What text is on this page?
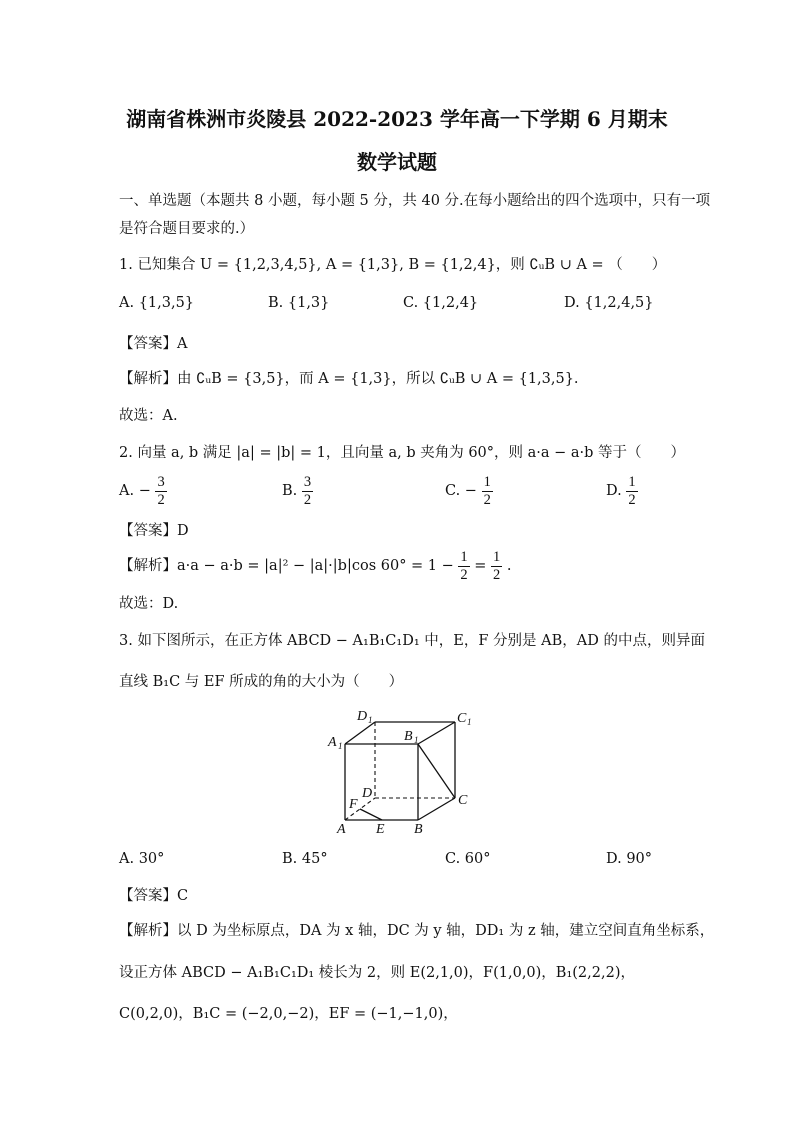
湖南省株洲市炎陵县 2022-2023 学年高一下学期 6 月期末
数学试题
一、单选题（本题共 8 小题，每小题 5 分，共 40 分.在每小题给出的四个选项中，只有一项
是符合题目要求的.）
1. 已知集合 U = {1,2,3,4,5}, A = {1,3}, B = {1,2,4}，则 ∁ᵤB ∪ A = （　　）
A. {1,3,5}	B. {1,3}	C. {1,2,4}	D. {1,2,4,5}
【答案】A
【解析】由 ∁ᵤB = {3,5}，而 A = {1,3}，所以 ∁ᵤB ∪ A = {1,3,5}.
故选：A.
2. 向量 a, b 满足 |a| = |b| = 1，且向量 a, b 夹角为 60°，则 a·a − a·b 等于（　　）
A. − $\frac{3}{2}$	B. $\frac{3}{2}$	C. − $\frac{1}{2}$	D. $\frac{1}{2}$
【答案】D
【解析】a·a − a·b = |a|² − |a|·|b|cos $60^\circ = 1 - \frac{1}{2} = \frac{1}{2}$ .
故选：D.
3. 如下图所示，在正方体 ABCD − A₁B₁C₁D₁ 中，E，F 分别是 AB，AD 的中点，则异面
直线 B₁C 与 EF 所成的角的大小为（　　）
D 1	C 1
A 1
B 1
D
F	C
A E B
A. 30°	B. 45°	C. 60°	D. 90°
【答案】C
【解析】以 D 为坐标原点，DA 为 x 轴，DC 为 y 轴，DD₁ 为 z 轴，建立空间直角坐标系，
设正方体 ABCD − A₁B₁C₁D₁ 棱长为 2，则 E(2,1,0)，F(1,0,0)，B₁(2,2,2)，
C(0,2,0)，B₁C = (−2,0,−2)，EF = (−1,−1,0)，
